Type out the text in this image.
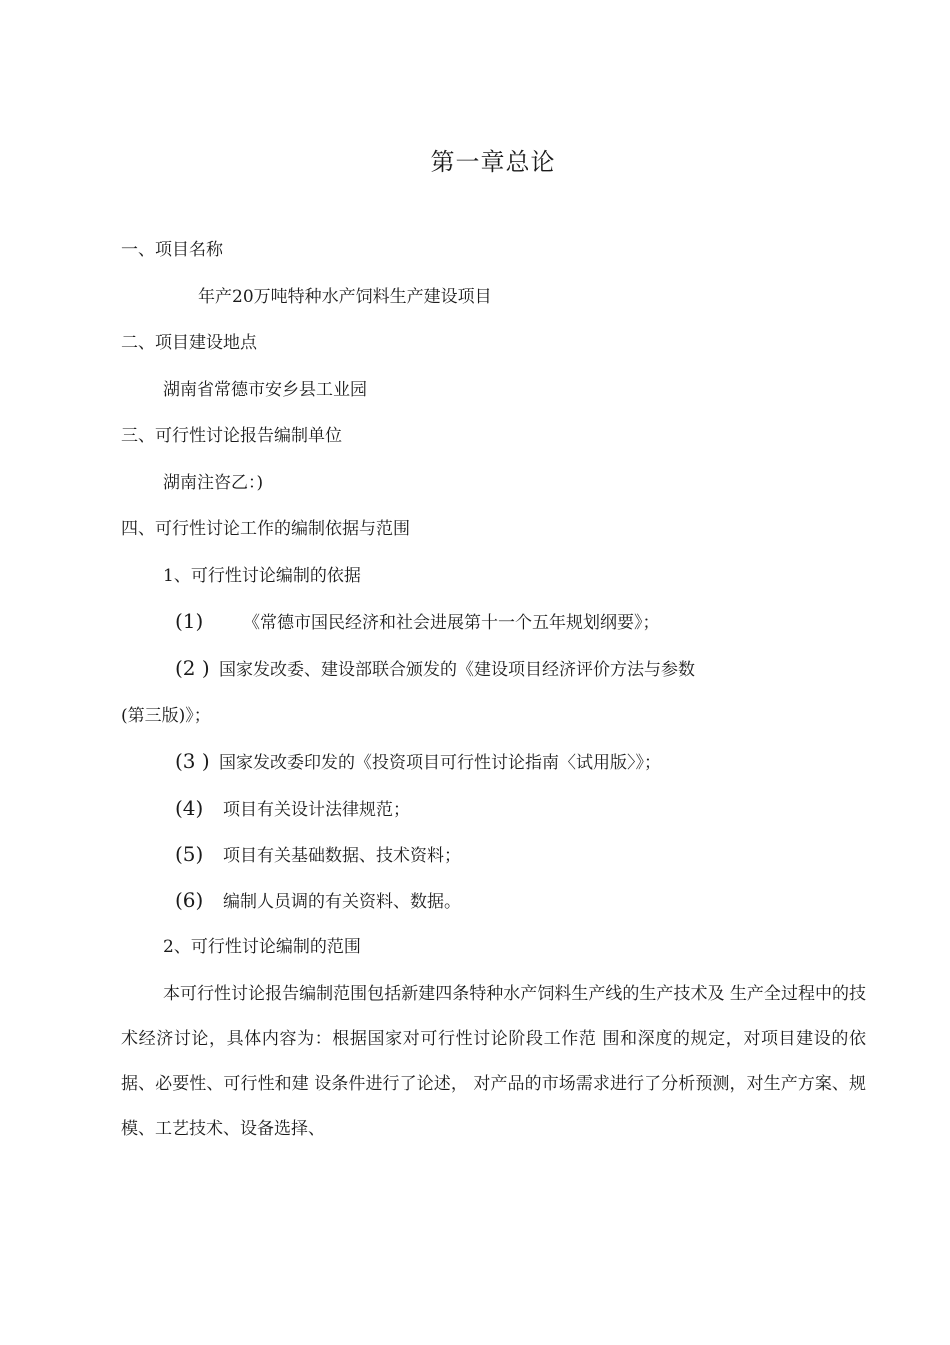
第一章总论
一、项目名称
年产20万吨特种水产饲料生产建设项目
二、项目建设地点
湖南省常德市安乡县工业园
三、可行性讨论报告编制单位
湖南注咨乙：)
四、可行性讨论工作的编制依据与范围
1、可行性讨论编制的依据
(1) 《常德市国民经济和社会进展第十一个五年规划纲要》；
(2 ) 国家发改委、建设部联合颁发的《建设项目经济评价方法与参数
(第三版)》；
(3 ) 国家发改委印发的《投资项目可行性讨论指南〈试用版〉》；
(4) 项目有关设计法律规范；
(5) 项目有关基础数据、技术资料；
(6) 编制人员调的有关资料、数据。
2、可行性讨论编制的范围
本可行性讨论报告编制范围包括新建四条特种水产饲料生产线的生产技术及 生产全过程中的技术经济讨论，具体内容为：根据国家对可行性讨论阶段工作范 围和深度的规定，对项目建设的依据、必要性、可行性和建 设条件进行了论述， 对产品的市场需求进行了分析预测，对生产方案、规模、工艺技术、设备选择、
